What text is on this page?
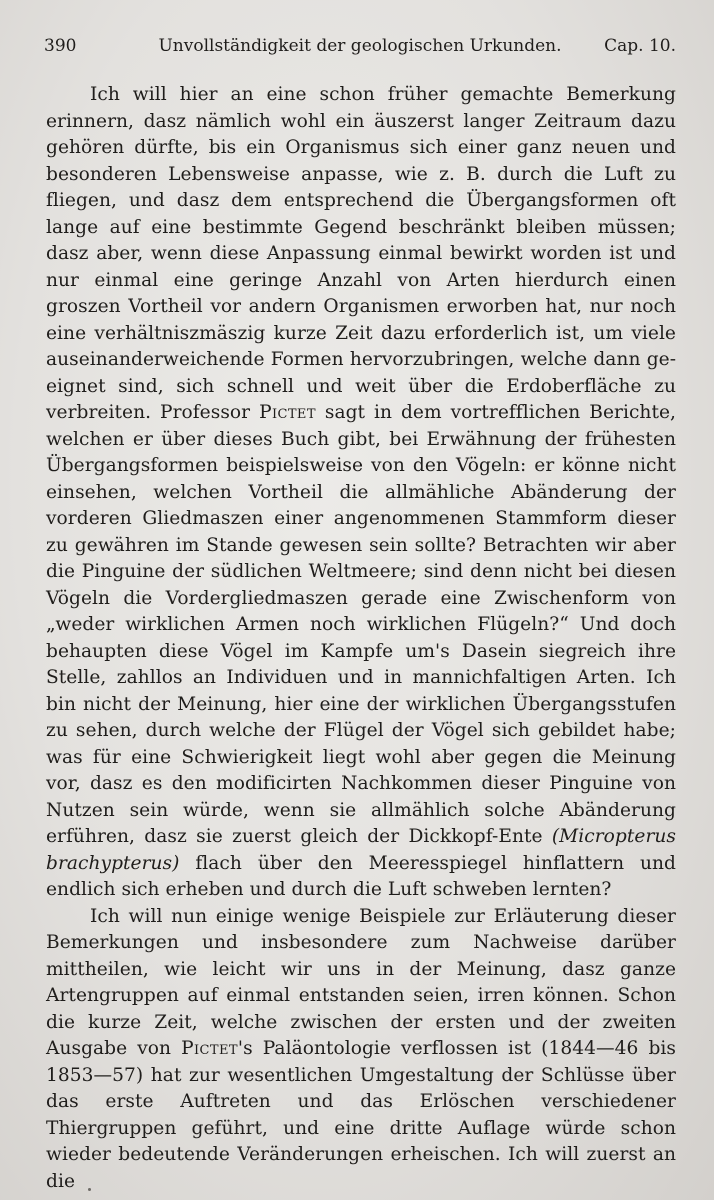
390	Unvollständigkeit der geologischen Urkunden.	Cap. 10.

Ich will hier an eine schon früher gemachte Bemerkung erinnern, dasz nämlich wohl ein äuszerst langer Zeitraum dazu gehören dürfte, bis ein Organismus sich einer ganz neuen und besonderen Lebensweise anpasse, wie z. B. durch die Luft zu fliegen, und dasz dem entsprechend die Übergangsformen oft lange auf eine bestimmte Gegend beschränkt bleiben müssen; dasz aber, wenn diese Anpassung einmal bewirkt worden ist und nur einmal eine geringe Anzahl von Arten hierdurch einen groszen Vortheil vor andern Organismen erworben hat, nur noch eine verhältniszmäszig kurze Zeit dazu erforderlich ist, um viele auseinanderweichende Formen hervorzubringen, welche dann geeignet sind, sich schnell und weit über die Erdoberfläche zu verbreiten. Professor Pictet sagt in dem vortrefflichen Berichte, welchen er über dieses Buch gibt, bei Erwähnung der frühesten Übergangsformen beispielsweise von den Vögeln: er könne nicht einsehen, welchen Vortheil die allmähliche Abänderung der vorderen Gliedmaszen einer angenommenen Stammform dieser zu gewähren im Stande gewesen sein sollte? Betrachten wir aber die Pinguine der südlichen Weltmeere; sind denn nicht bei diesen Vögeln die Vordergliedmaszen gerade eine Zwischenform von „weder wirklichen Armen noch wirklichen Flügeln?“ Und doch behaupten diese Vögel im Kampfe um's Dasein siegreich ihre Stelle, zahllos an Individuen und in mannichfaltigen Arten. Ich bin nicht der Meinung, hier eine der wirklichen Übergangsstufen zu sehen, durch welche der Flügel der Vögel sich gebildet habe; was für eine Schwierigkeit liegt wohl aber gegen die Meinung vor, dasz es den modificirten Nachkommen dieser Pinguine von Nutzen sein würde, wenn sie allmählich solche Abänderung erführen, dasz sie zuerst gleich der Dickkopf-Ente (Micropterus brachypterus) flach über den Meeresspiegel hinflattern und endlich sich erheben und durch die Luft schweben lernten?

Ich will nun einige wenige Beispiele zur Erläuterung dieser Bemerkungen und insbesondere zum Nachweise darüber mittheilen, wie leicht wir uns in der Meinung, dasz ganze Artengruppen auf einmal entstanden seien, irren können. Schon die kurze Zeit, welche zwischen der ersten und der zweiten Ausgabe von Pictet's Paläontologie verflossen ist (1844—46 bis 1853—57) hat zur wesentlichen Umgestaltung der Schlüsse über das erste Auftreten und das Erlöschen verschiedener Thiergruppen geführt, und eine dritte Auflage würde schon wieder bedeutende Veränderungen erheischen. Ich will zuerst an die
